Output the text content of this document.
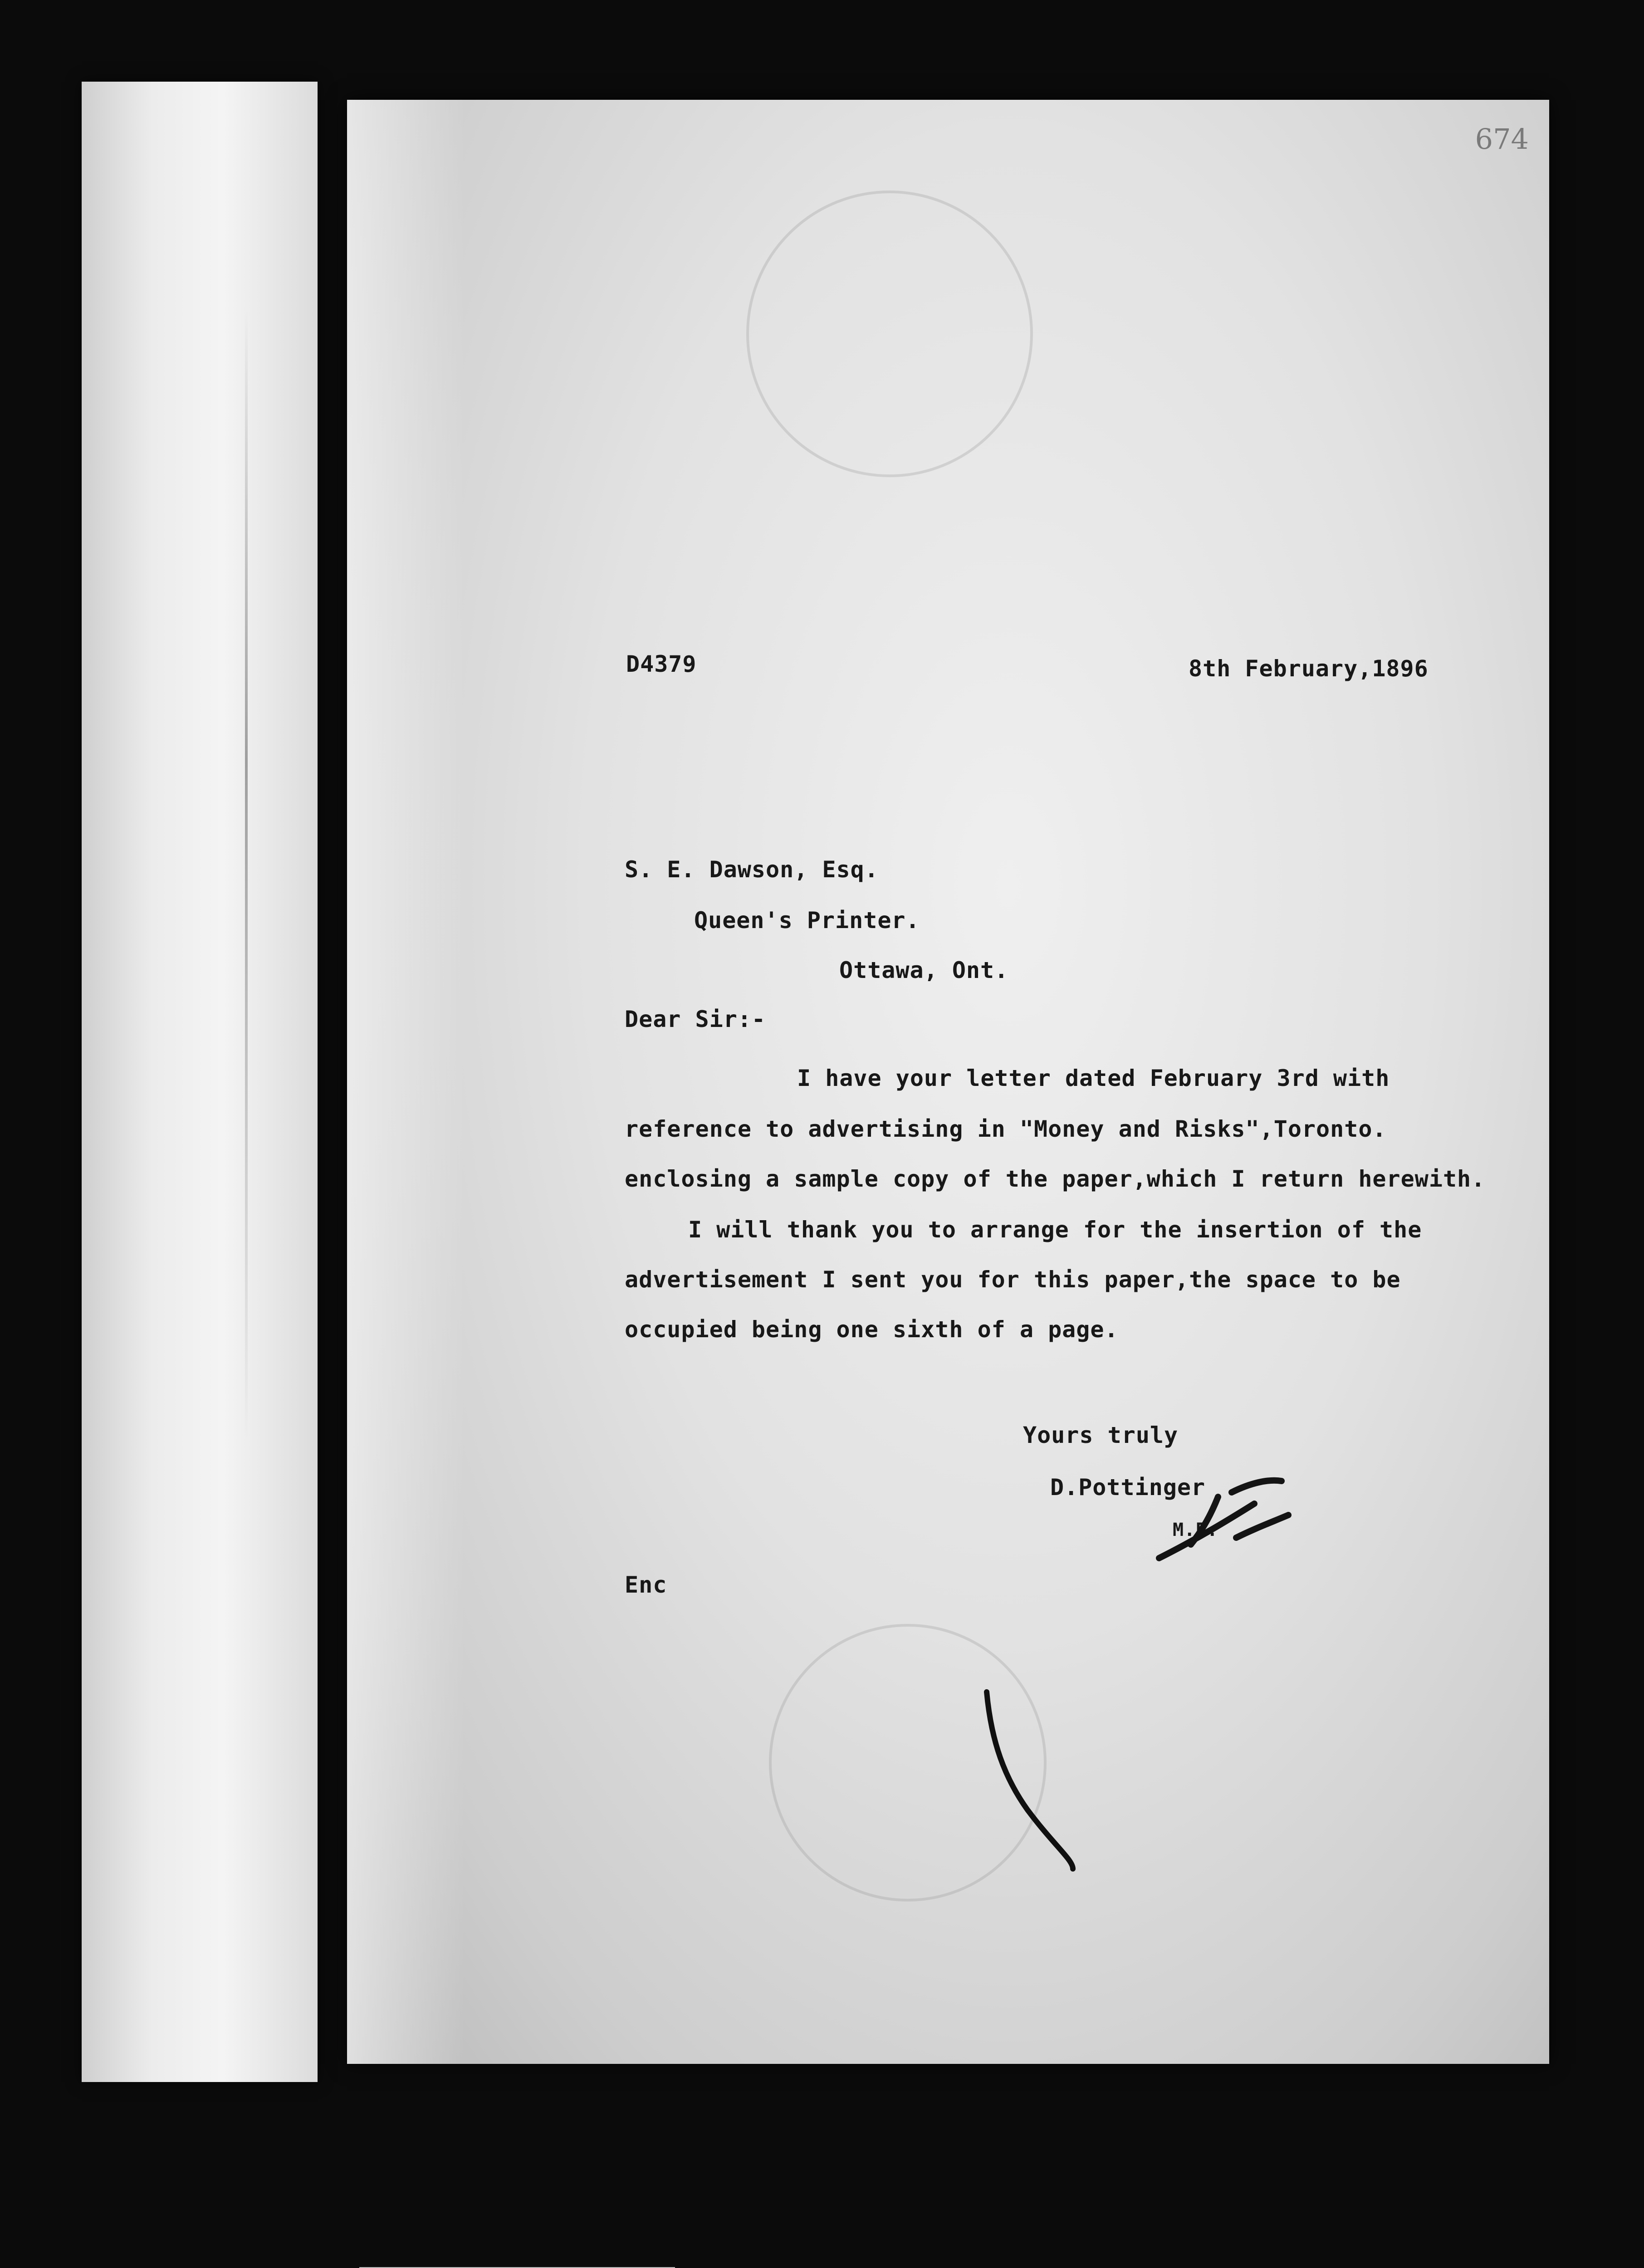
674
D4379	8th February,1896
S. E. Dawson, Esq.
Queen's Printer.
Ottawa, Ont.
Dear Sir:-
I have your letter dated February 3rd with
reference to advertising in "Money and Risks",Toronto.
enclosing a sample copy of the paper,which I return herewith.
I will thank you to arrange for the insertion of the
advertisement I sent you for this paper,the space to be
occupied being one sixth of a page.
Yours truly
D.Pottinger
M.F.
Enc
